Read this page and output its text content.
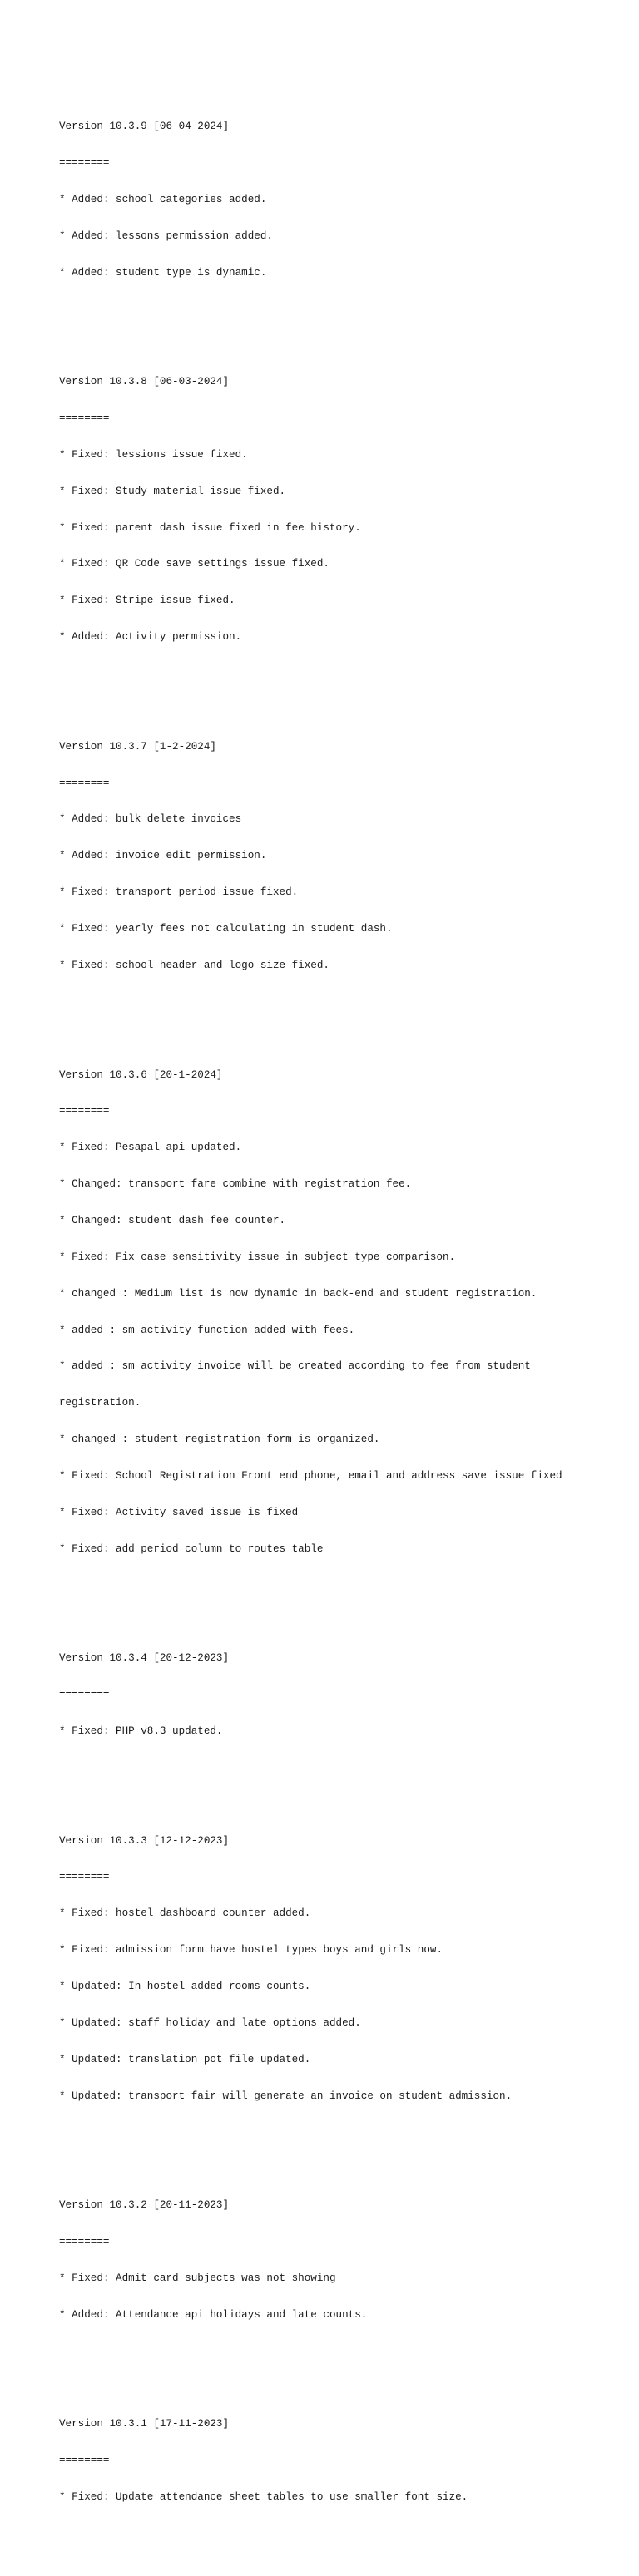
Version 10.3.9 [06-04-2024]

========

* Added: school categories added.

* Added: lessons permission added.

* Added: student type is dynamic.

Version 10.3.8 [06-03-2024]

========

* Fixed: lessions issue fixed.

* Fixed: Study material issue fixed.

* Fixed: parent dash issue fixed in fee history.

* Fixed: QR Code save settings issue fixed.

* Fixed: Stripe issue fixed.

* Added: Activity permission.

Version 10.3.7 [1-2-2024]

========

* Added: bulk delete invoices

* Added: invoice edit permission.

* Fixed: transport period issue fixed.

* Fixed: yearly fees not calculating in student dash.

* Fixed: school header and logo size fixed.

Version 10.3.6 [20-1-2024]

========

* Fixed: Pesapal api updated.

* Changed: transport fare combine with registration fee.

* Changed: student dash fee counter.

* Fixed: Fix case sensitivity issue in subject type comparison.

* changed : Medium list is now dynamic in back-end and student registration.

* added : sm activity function added with fees.

* added : sm activity invoice will be created according to fee from student

registration.

* changed : student registration form is organized.

* Fixed: School Registration Front end phone, email and address save issue fixed

* Fixed: Activity saved issue is fixed

* Fixed: add period column to routes table

Version 10.3.4 [20-12-2023]

========

* Fixed: PHP v8.3 updated.

Version 10.3.3 [12-12-2023]

========

* Fixed: hostel dashboard counter added.

* Fixed: admission form have hostel types boys and girls now.

* Updated: In hostel added rooms counts.

* Updated: staff holiday and late options added.

* Updated: translation pot file updated.

* Updated: transport fair will generate an invoice on student admission.

Version 10.3.2 [20-11-2023]

========

* Fixed: Admit card subjects was not showing

* Added: Attendance api holidays and late counts.

Version 10.3.1 [17-11-2023]

========

* Fixed: Update attendance sheet tables to use smaller font size.
